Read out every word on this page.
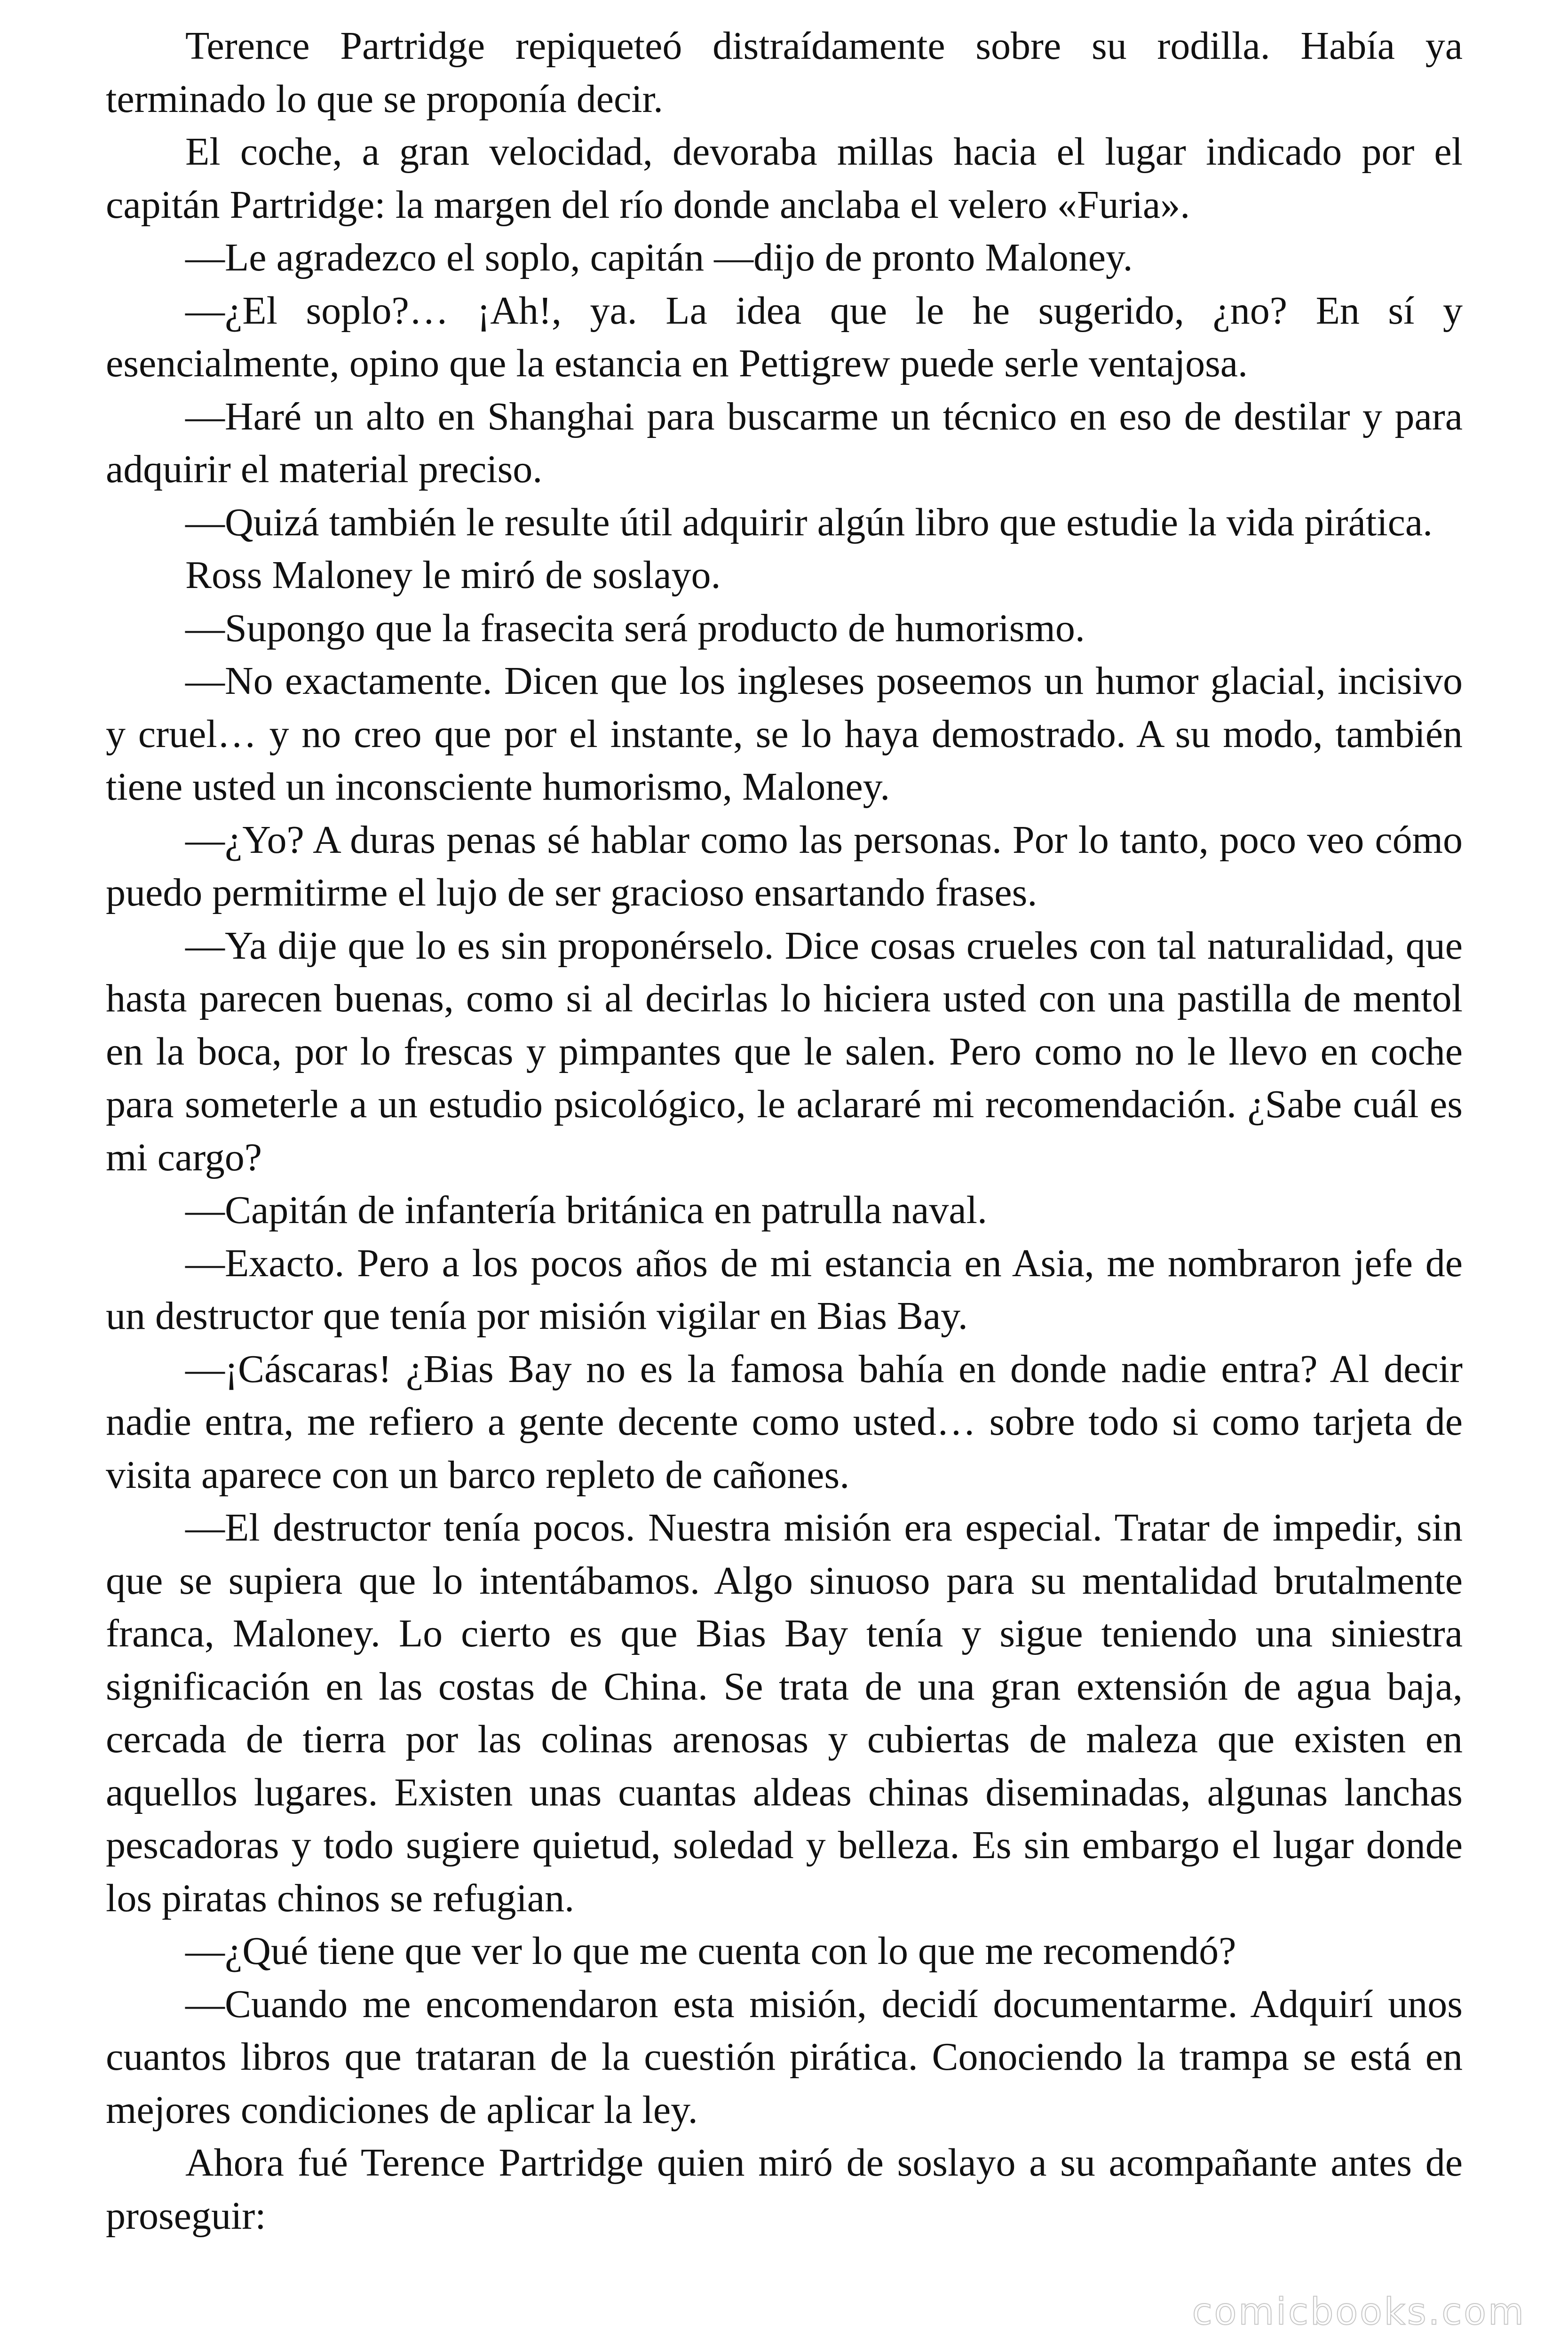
Terence Partridge repiqueteó distraídamente sobre su rodilla. Había ya terminado lo que se proponía decir.

El coche, a gran velocidad, devoraba millas hacia el lugar indicado por el capitán Partridge: la margen del río donde anclaba el velero «Furia».

—Le agradezco el soplo, capitán —dijo de pronto Maloney.

—¿El soplo?… ¡Ah!, ya. La idea que le he sugerido, ¿no? En sí y esencialmente, opino que la estancia en Pettigrew puede serle ventajosa.

—Haré un alto en Shanghai para buscarme un técnico en eso de destilar y para adquirir el material preciso.

—Quizá también le resulte útil adquirir algún libro que estudie la vida pirática.

Ross Maloney le miró de soslayo.

—Supongo que la frasecita será producto de humorismo.

—No exactamente. Dicen que los ingleses poseemos un humor glacial, incisivo y cruel… y no creo que por el instante, se lo haya demostrado. A su modo, también tiene usted un inconsciente humorismo, Maloney.

—¿Yo? A duras penas sé hablar como las personas. Por lo tanto, poco veo cómo puedo permitirme el lujo de ser gracioso ensartando frases.

—Ya dije que lo es sin proponérselo. Dice cosas crueles con tal naturalidad, que hasta parecen buenas, como si al decirlas lo hiciera usted con una pastilla de mentol en la boca, por lo frescas y pimpantes que le salen. Pero como no le llevo en coche para someterle a un estudio psicológico, le aclararé mi recomendación. ¿Sabe cuál es mi cargo?

—Capitán de infantería británica en patrulla naval.

—Exacto. Pero a los pocos años de mi estancia en Asia, me nombraron jefe de un destructor que tenía por misión vigilar en Bias Bay.

—¡Cáscaras! ¿Bias Bay no es la famosa bahía en donde nadie entra? Al decir nadie entra, me refiero a gente decente como usted… sobre todo si como tarjeta de visita aparece con un barco repleto de cañones.

—El destructor tenía pocos. Nuestra misión era especial. Tratar de impedir, sin que se supiera que lo intentábamos. Algo sinuoso para su mentalidad brutalmente franca, Maloney. Lo cierto es que Bias Bay tenía y sigue teniendo una siniestra significación en las costas de China. Se trata de una gran extensión de agua baja, cercada de tierra por las colinas arenosas y cubiertas de maleza que existen en aquellos lugares. Existen unas cuantas aldeas chinas diseminadas, algunas lanchas pescadoras y todo sugiere quietud, soledad y belleza. Es sin embargo el lugar donde los piratas chinos se refugian.

—¿Qué tiene que ver lo que me cuenta con lo que me recomendó?

—Cuando me encomendaron esta misión, decidí documentarme. Adquirí unos cuantos libros que trataran de la cuestión pirática. Conociendo la trampa se está en mejores condiciones de aplicar la ley.

Ahora fué Terence Partridge quien miró de soslayo a su acompañante antes de proseguir:

comicbooks.com
